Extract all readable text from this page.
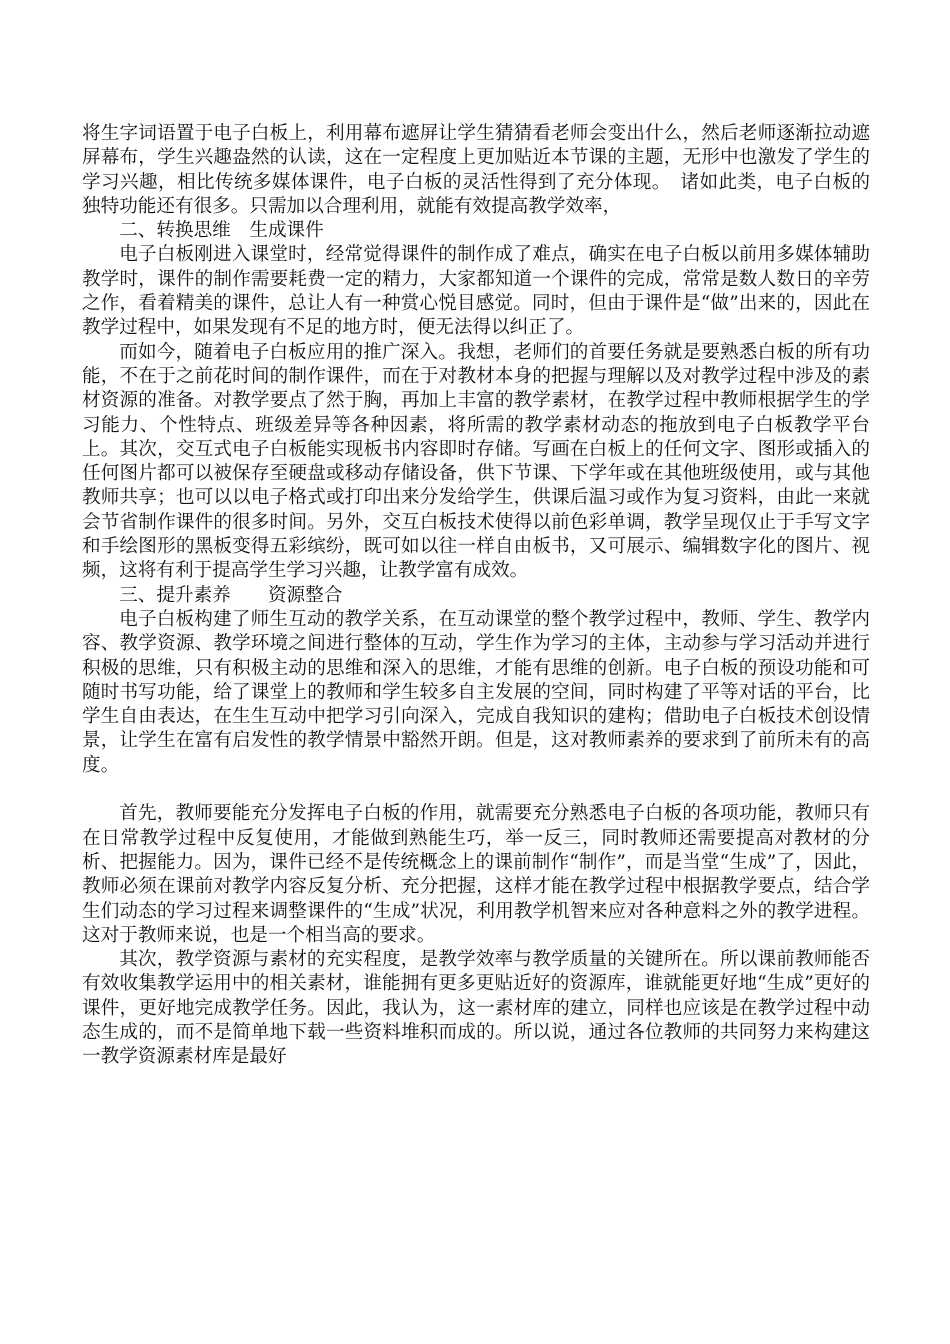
将生字词语置于电子白板上，利用幕布遮屏让学生猜猜看老师会变出什么，然后老师逐渐拉动遮屏幕布，学生兴趣盎然的认读，这在一定程度上更加贴近本节课的主题，无形中也激发了学生的学习兴趣，相比传统多媒体课件，电子白板的灵活性得到了充分体现。　诸如此类，电子白板的独特功能还有很多。只需加以合理利用，就能有效提高教学效率，

二、转换思维　生成课件

电子白板刚进入课堂时，经常觉得课件的制作成了难点，确实在电子白板以前用多媒体辅助教学时，课件的制作需要耗费一定的精力，大家都知道一个课件的完成，常常是数人数日的辛劳之作，看着精美的课件，总让人有一种赏心悦目感觉。同时，但由于课件是“做”出来的，因此在教学过程中，如果发现有不足的地方时，便无法得以纠正了。

而如今，随着电子白板应用的推广深入。我想，老师们的首要任务就是要熟悉白板的所有功能，不在于之前花时间的制作课件，而在于对教材本身的把握与理解以及对教学过程中涉及的素材资源的准备。对教学要点了然于胸，再加上丰富的教学素材，在教学过程中教师根据学生的学习能力、个性特点、班级差异等各种因素，将所需的教学素材动态的拖放到电子白板教学平台上。其次，交互式电子白板能实现板书内容即时存储。写画在白板上的任何文字、图形或插入的任何图片都可以被保存至硬盘或移动存储设备，供下节课、下学年或在其他班级使用，或与其他教师共享；也可以以电子格式或打印出来分发给学生，供课后温习或作为复习资料，由此一来就会节省制作课件的很多时间。另外，交互白板技术使得以前色彩单调，教学呈现仅止于手写文字和手绘图形的黑板变得五彩缤纷，既可如以往一样自由板书，又可展示、编辑数字化的图片、视频，这将有利于提高学生学习兴趣，让教学富有成效。

三、提升素养　　资源整合

电子白板构建了师生互动的教学关系，在互动课堂的整个教学过程中，教师、学生、教学内容、教学资源、教学环境之间进行整体的互动，学生作为学习的主体，主动参与学习活动并进行积极的思维，只有积极主动的思维和深入的思维，才能有思维的创新。电子白板的预设功能和可随时书写功能，给了课堂上的教师和学生较多自主发展的空间，同时构建了平等对话的平台，比学生自由表达，在生生互动中把学习引向深入，完成自我知识的建构；借助电子白板技术创设情景，让学生在富有启发性的教学情景中豁然开朗。但是，这对教师素养的要求到了前所未有的高度。

首先，教师要能充分发挥电子白板的作用，就需要充分熟悉电子白板的各项功能，教师只有在日常教学过程中反复使用，才能做到熟能生巧，举一反三，同时教师还需要提高对教材的分析、把握能力。因为，课件已经不是传统概念上的课前制作“制作”，而是当堂“生成”了，因此，教师必须在课前对教学内容反复分析、充分把握，这样才能在教学过程中根据教学要点，结合学生们动态的学习过程来调整课件的“生成”状况，利用教学机智来应对各种意料之外的教学进程。这对于教师来说，也是一个相当高的要求。

其次，教学资源与素材的充实程度，是教学效率与教学质量的关键所在。所以课前教师能否有效收集教学运用中的相关素材，谁能拥有更多更贴近好的资源库，谁就能更好地“生成”更好的课件，更好地完成教学任务。因此，我认为，这一素材库的建立，同样也应该是在教学过程中动态生成的，而不是简单地下载一些资料堆积而成的。所以说，通过各位教师的共同努力来构建这一教学资源素材库是最好
